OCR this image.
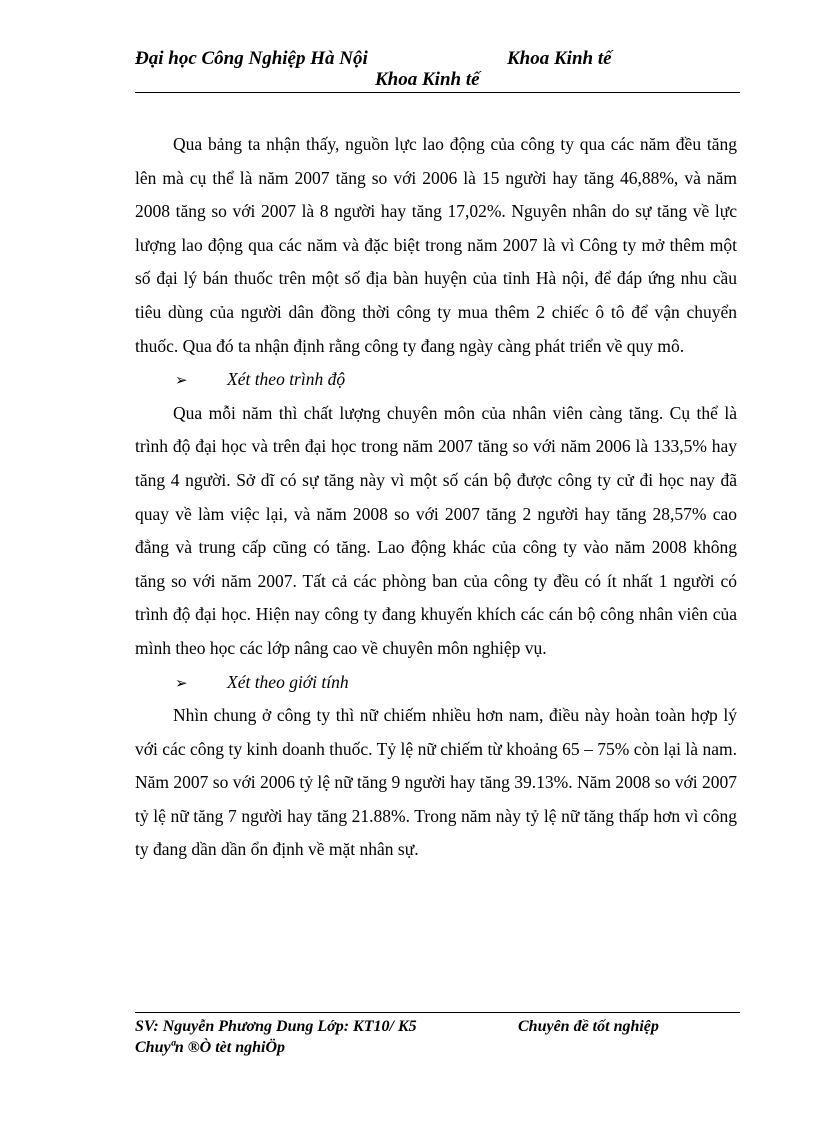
Đại học Công Nghiệp Hà Nội	Khoa Kinh tế
Khoa Kinh tế

Qua bảng ta nhận thấy, nguồn lực lao động của công ty qua các năm đều tăng lên mà cụ thể là năm 2007 tăng so với 2006 là 15 người hay tăng 46,88%, và năm 2008 tăng so với 2007 là 8 người hay tăng 17,02%. Nguyên nhân do sự tăng về lực lượng lao động qua các năm và đặc biệt trong năm 2007 là vì Công ty mở thêm một số đại lý bán thuốc trên một số địa bàn huyện của tỉnh Hà nội, để đáp ứng nhu cầu tiêu dùng của người dân đồng thời công ty mua thêm 2 chiếc ô tô để vận chuyển thuốc. Qua đó ta nhận định rằng công ty đang ngày càng phát triển về quy mô.

➢ Xét theo trình độ

Qua mỗi năm thì chất lượng chuyên môn của nhân viên càng tăng. Cụ thể là trình độ đại học và trên đại học trong năm 2007 tăng so với năm 2006 là 133,5% hay tăng 4 người. Sở dĩ có sự tăng này vì một số cán bộ được công ty cử đi học nay đã quay về làm việc lại, và năm 2008 so với 2007 tăng 2 người hay tăng 28,57% cao đẳng và trung cấp cũng có tăng. Lao động khác của công ty vào năm 2008 không tăng so với năm 2007. Tất cả các phòng ban của công ty đều có ít nhất 1 người có trình độ đại học. Hiện nay công ty đang khuyến khích các cán bộ công nhân viên của mình theo học các lớp nâng cao về chuyên môn nghiệp vụ.

➢ Xét theo giới tính

Nhìn chung ở công ty thì nữ chiếm nhiều hơn nam, điều này hoàn toàn hợp lý với các công ty kinh doanh thuốc. Tỷ lệ nữ chiếm từ khoảng 65 – 75% còn lại là nam. Năm 2007 so với 2006 tỷ lệ nữ tăng 9 người hay tăng 39.13%. Năm 2008 so với 2007 tỷ lệ nữ tăng 7 người hay tăng 21.88%. Trong năm này tỷ lệ nữ tăng thấp hơn vì công ty đang dần dần ổn định về mặt nhân sự.

SV: Nguyễn Phương Dung Lớp: KT10/ K5	Chuyên đề tốt nghiệp
Chuyªn ®Ò tèt nghiÖp
